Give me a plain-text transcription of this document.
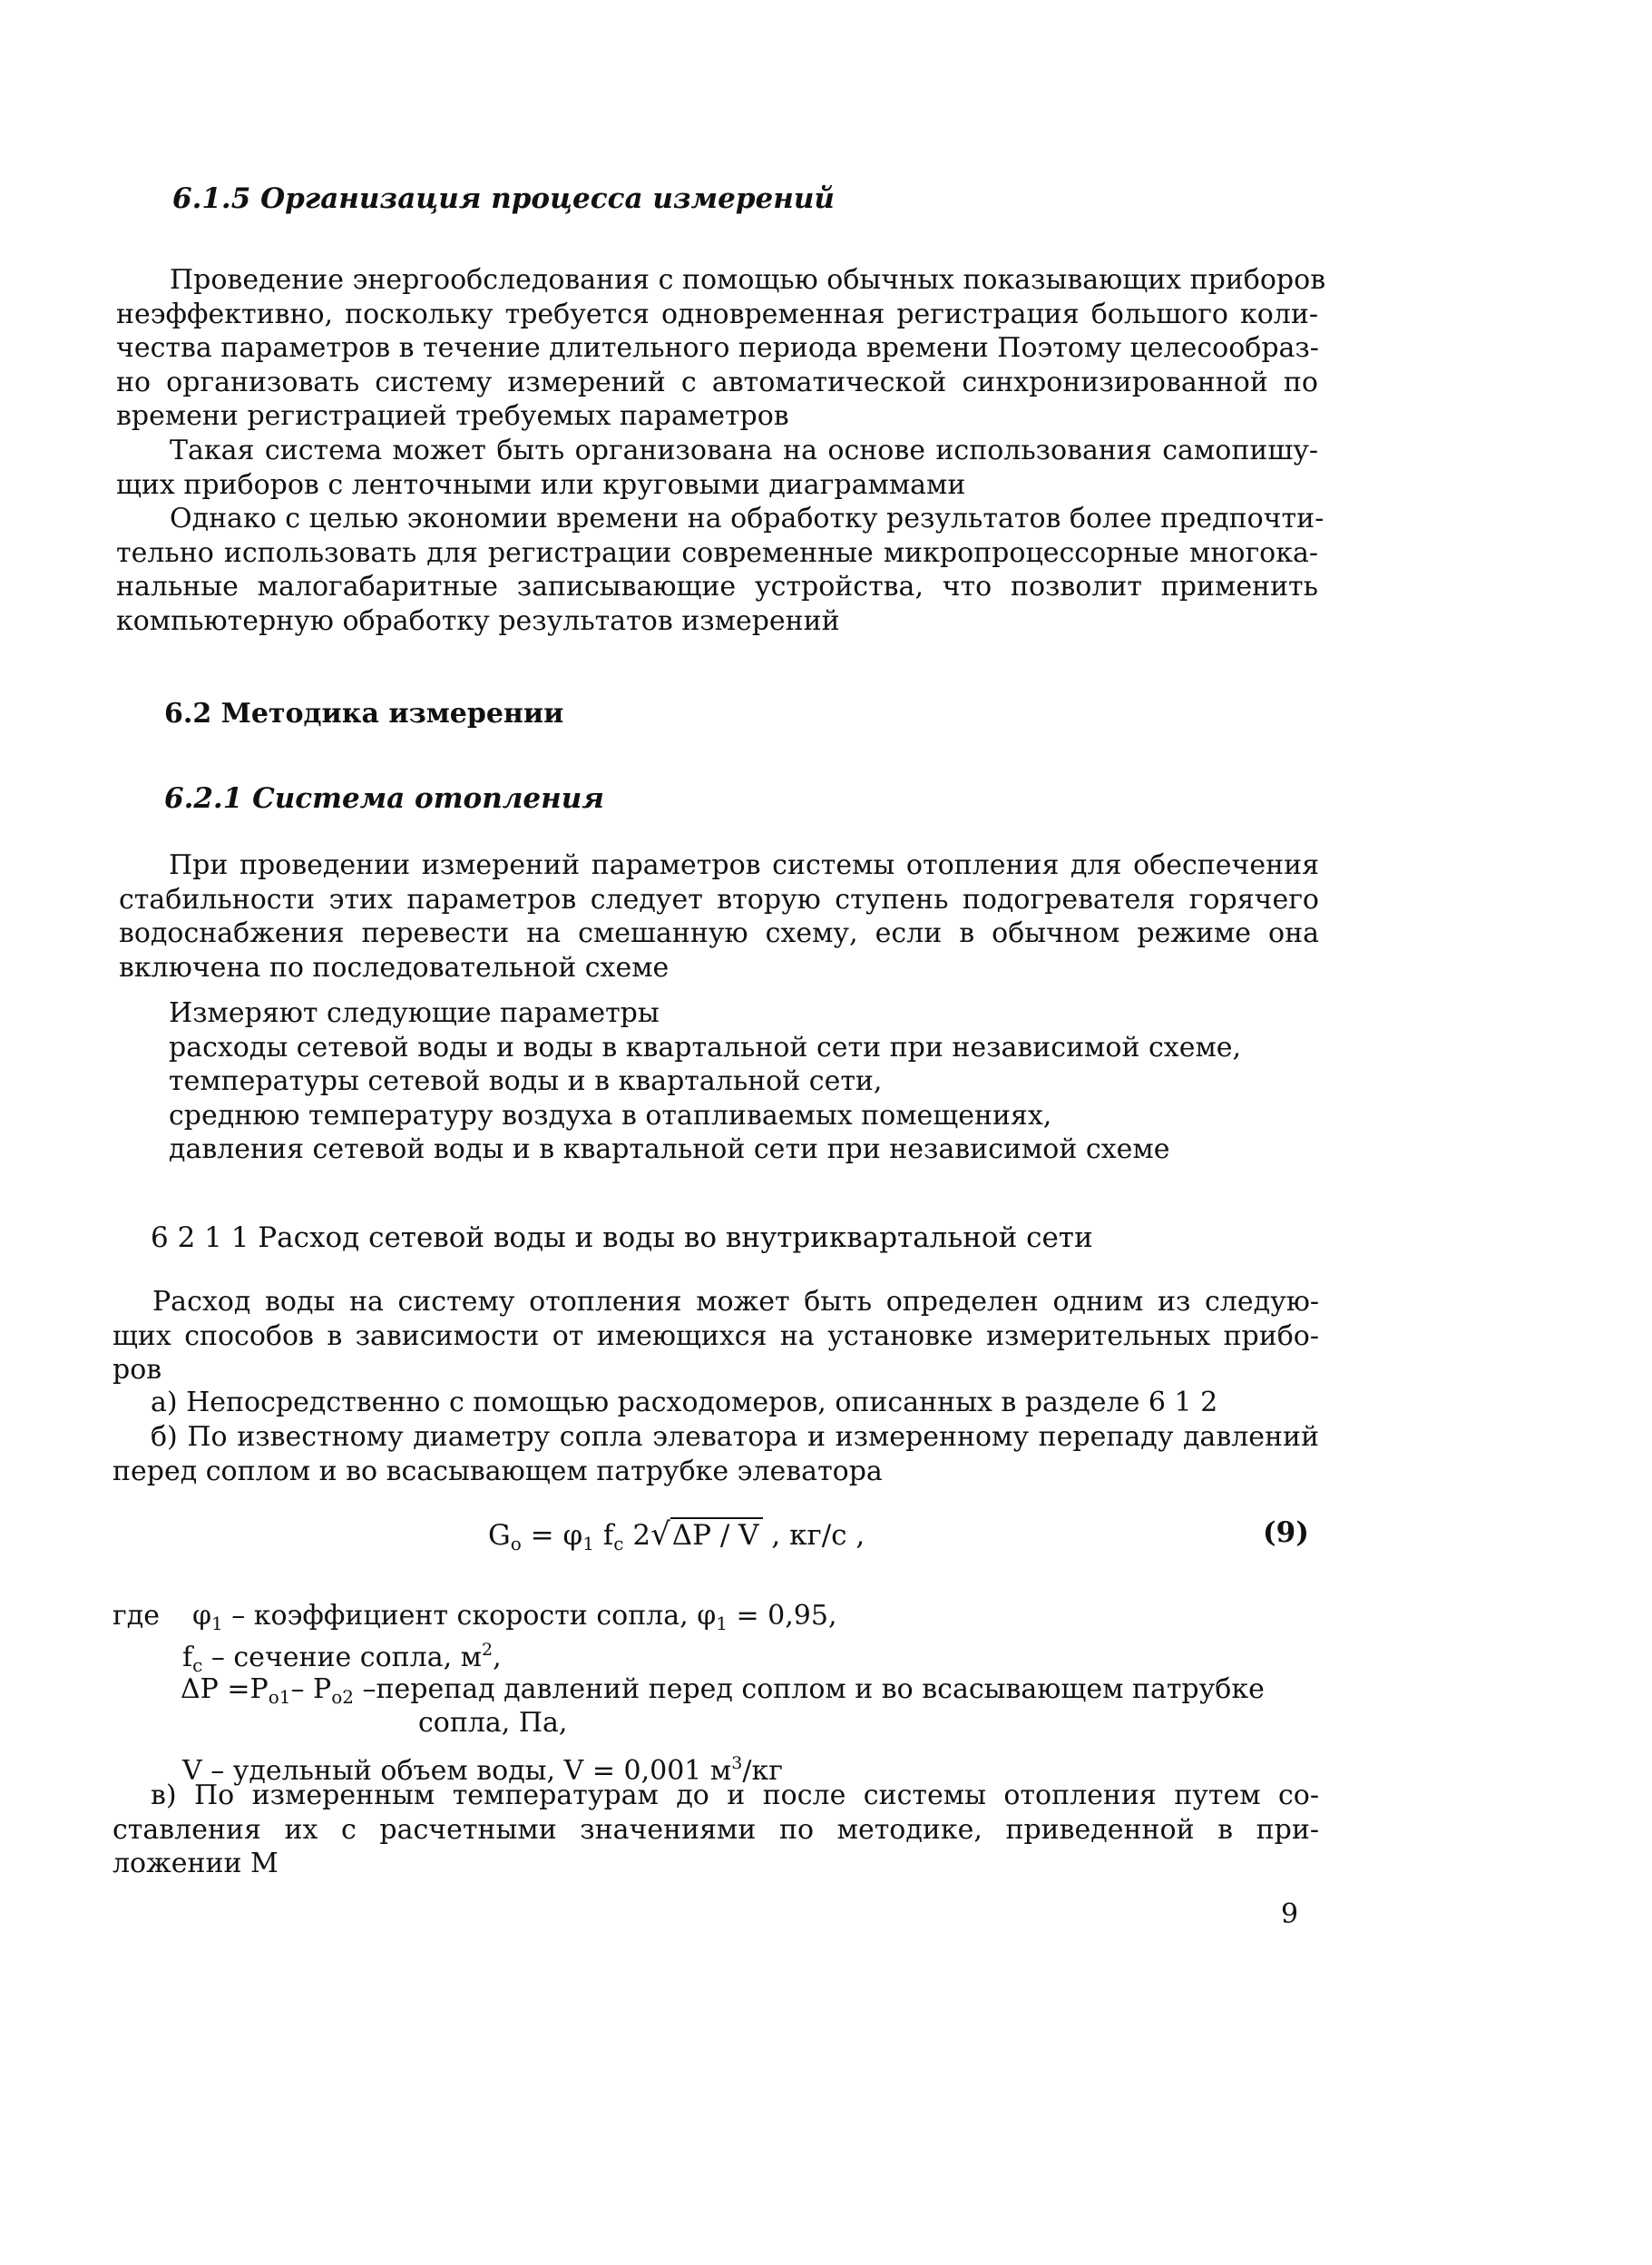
6.1.5 Организация процесса измерений
Проведение энергообследования с помощью обычных показывающих приборов
неэффективно, поскольку требуется одновременная регистрация большого коли-
чества параметров в течение длительного периода времени Поэтому целесообраз-
но организовать систему измерений с автоматической синхронизированной по
времени регистрацией требуемых параметров
Такая система может быть организована на основе использования самопишу-
щих приборов с ленточными или круговыми диаграммами
Однако с целью экономии времени на обработку результатов более предпочти-
тельно использовать для регистрации современные микропроцессорные многока-
нальные малогабаритные записывающие устройства, что позволит применить
компьютерную обработку результатов измерений
6.2 Методика измерении
6.2.1 Система отопления
При проведении измерений параметров системы отопления для обеспечения
стабильности этих параметров следует вторую ступень подогревателя горячего
водоснабжения перевести на смешанную схему, если в обычном режиме она
включена по последовательной схеме
Измеряют следующие параметры
расходы сетевой воды и воды в квартальной сети при независимой схеме,
температуры сетевой воды и в квартальной сети,
среднюю температуру воздуха в отапливаемых помещениях,
давления сетевой воды и в квартальной сети при независимой схеме
6 2 1 1 Расход сетевой воды и воды во внутриквартальной сети
Расход воды на систему отопления может быть определен одним из следую-
щих способов в зависимости от имеющихся на установке измерительных прибо-
ров
а) Непосредственно с помощью расходомеров, описанных в разделе 6 1 2
б) По известному диаметру сопла элеватора и измеренному перепаду давлений
перед соплом и во всасывающем патрубке элеватора
$G_o = \varphi_1$ $f_c$ 2√ΔP / V , кг/с ,	(9)
где $\varphi_1$ – коэффициент скорости сопла, $\varphi_1 = 0,95$,
$f_c$ – сечение сопла, $м^2$,
$\Delta P =P_{o1}-$ $P_{o2}$ –перепад давлений перед соплом и во всасывающем патрубке
сопла, Па,
V – удельный объем воды, V = 0,001 $м^3/кг$
в) По измеренным температурам до и после системы отопления путем со-
ставления их с расчетными значениями по методике, приведенной в при-
ложении М
9
